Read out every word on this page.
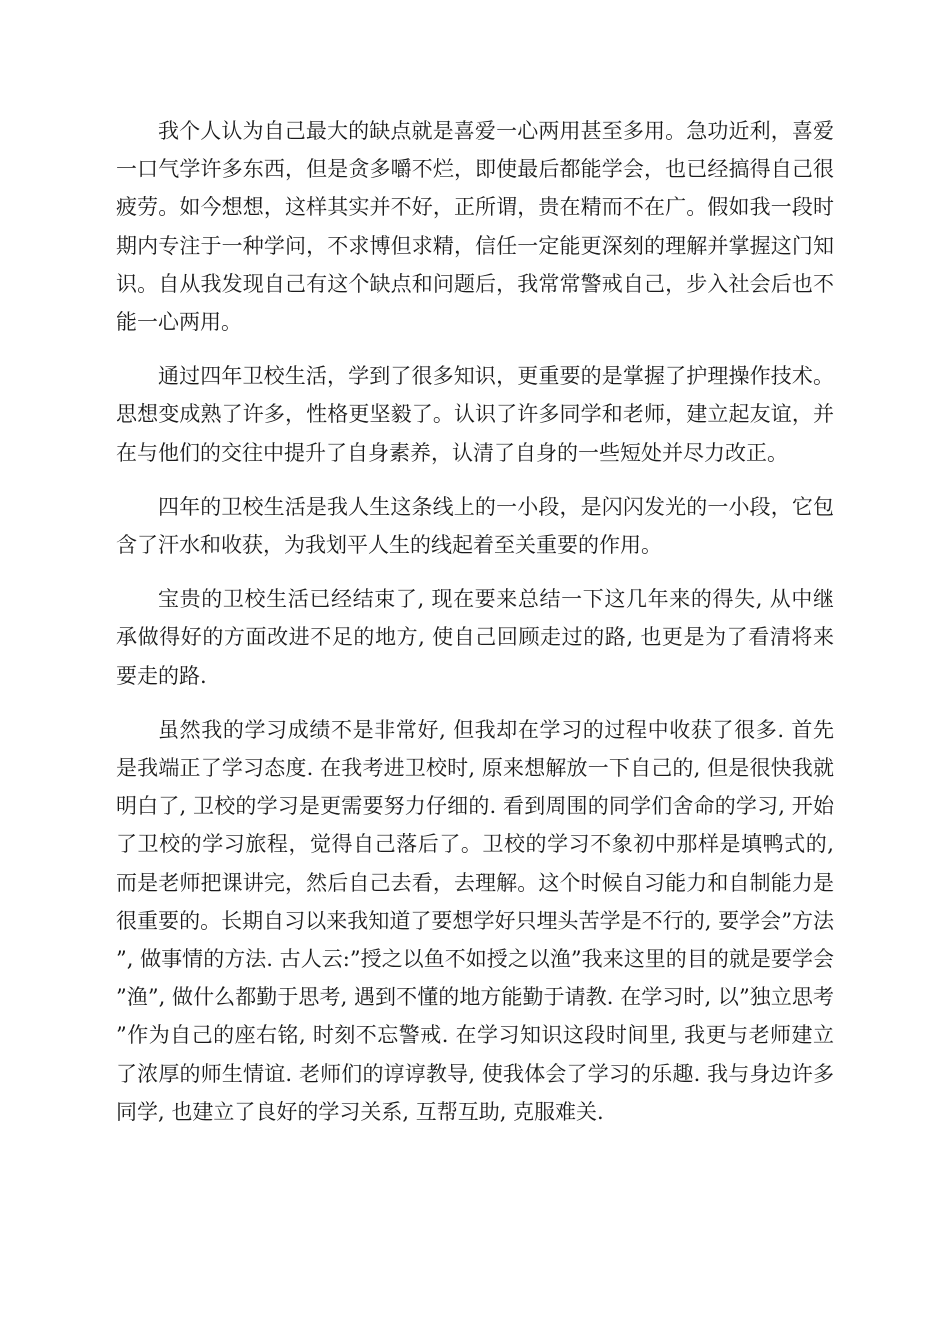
我个人认为自己最大的缺点就是喜爱一心两用甚至多用。急功近利，喜爱一口气学许多东西，但是贪多嚼不烂，即使最后都能学会，也已经搞得自己很疲劳。如今想想，这样其实并不好，正所谓，贵在精而不在广。假如我一段时期内专注于一种学问，不求博但求精，信任一定能更深刻的理解并掌握这门知识。自从我发现自己有这个缺点和问题后，我常常警戒自己，步入社会后也不能一心两用。

通过四年卫校生活，学到了很多知识，更重要的是掌握了护理操作技术。思想变成熟了许多，性格更坚毅了。认识了许多同学和老师，建立起友谊，并在与他们的交往中提升了自身素养，认清了自身的一些短处并尽力改正。

四年的卫校生活是我人生这条线上的一小段，是闪闪发光的一小段，它包含了汗水和收获，为我划平人生的线起着至关重要的作用。

宝贵的卫校生活已经结束了, 现在要来总结一下这几年来的得失, 从中继承做得好的方面改进不足的地方, 使自己回顾走过的路, 也更是为了看清将来要走的路.

虽然我的学习成绩不是非常好, 但我却在学习的过程中收获了很多. 首先是我端正了学习态度. 在我考进卫校时, 原来想解放一下自己的, 但是很快我就明白了, 卫校的学习是更需要努力仔细的. 看到周围的同学们舍命的学习, 开始了卫校的学习旅程，觉得自己落后了。卫校的学习不象初中那样是填鸭式的, 而是老师把课讲完，然后自己去看，去理解。这个时候自习能力和自制能力是很重要的。长期自习以来我知道了要想学好只埋头苦学是不行的, 要学会”方法”, 做事情的方法. 古人云:”授之以鱼不如授之以渔”我来这里的目的就是要学会”渔”, 做什么都勤于思考, 遇到不懂的地方能勤于请教. 在学习时, 以”独立思考”作为自己的座右铭, 时刻不忘警戒. 在学习知识这段时间里, 我更与老师建立了浓厚的师生情谊. 老师们的谆谆教导, 使我体会了学习的乐趣. 我与身边许多同学, 也建立了良好的学习关系, 互帮互助, 克服难关.
